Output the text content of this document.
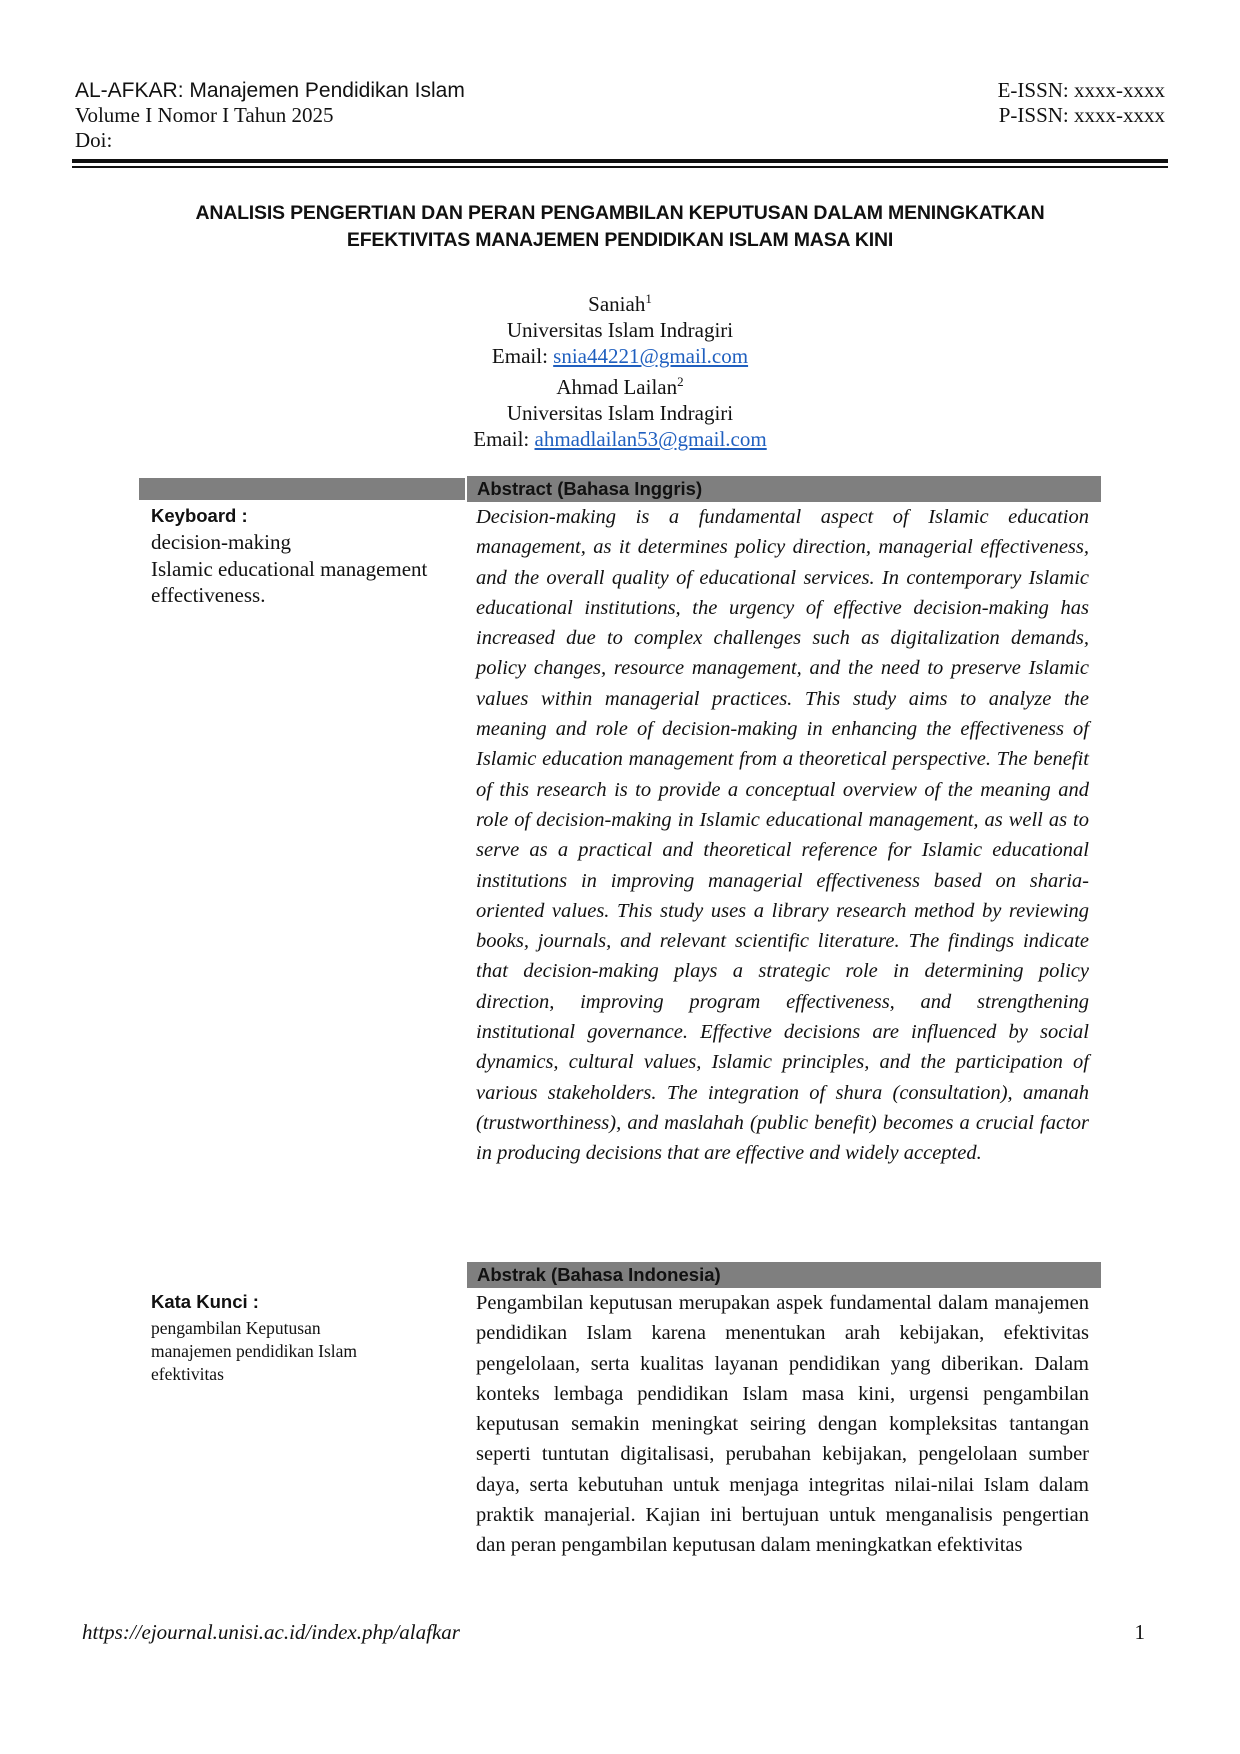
AL-AFKAR: Manajemen Pendidikan Islam
Volume I Nomor I Tahun 2025
Doi:
E-ISSN: xxxx-xxxx
P-ISSN: xxxx-xxxx
ANALISIS PENGERTIAN DAN PERAN PENGAMBILAN KEPUTUSAN DALAM MENINGKATKAN
EFEKTIVITAS MANAJEMEN PENDIDIKAN ISLAM MASA KINI
Saniah$^1$
Universitas Islam Indragiri
Email: snia44221@gmail.com
Ahmad Lailan$^2$
Universitas Islam Indragiri
Email: ahmadlailan53@gmail.com
Abstract (Bahasa Inggris)
Keyboard :
decision-making
Islamic educational management
effectiveness.

Decision-making is a fundamental aspect of Islamic education management, as it determines policy direction, managerial effectiveness, and the overall quality of educational services. In contemporary Islamic educational institutions, the urgency of effective decision-making has increased due to complex challenges such as digitalization demands, policy changes, resource management, and the need to preserve Islamic values within managerial practices. This study aims to analyze the meaning and role of decision-making in enhancing the effectiveness of Islamic education management from a theoretical perspective. The benefit of this research is to provide a conceptual overview of the meaning and role of decision-making in Islamic educational management, as well as to serve as a practical and theoretical reference for Islamic educational institutions in improving managerial effectiveness based on sharia-oriented values. This study uses a library research method by reviewing books, journals, and relevant scientific literature. The findings indicate that decision-making plays a strategic role in determining policy direction, improving program effectiveness, and strengthening institutional governance. Effective decisions are influenced by social dynamics, cultural values, Islamic principles, and the participation of various stakeholders. The integration of shura (consultation), amanah (trustworthiness), and maslahah (public benefit) becomes a crucial factor in producing decisions that are effective and widely accepted.

Abstrak (Bahasa Indonesia)
Kata Kunci :
pengambilan Keputusan
manajemen pendidikan Islam
efektivitas

Pengambilan keputusan merupakan aspek fundamental dalam manajemen pendidikan Islam karena menentukan arah kebijakan, efektivitas pengelolaan, serta kualitas layanan pendidikan yang diberikan. Dalam konteks lembaga pendidikan Islam masa kini, urgensi pengambilan keputusan semakin meningkat seiring dengan kompleksitas tantangan seperti tuntutan digitalisasi, perubahan kebijakan, pengelolaan sumber daya, serta kebutuhan untuk menjaga integritas nilai-nilai Islam dalam praktik manajerial. Kajian ini bertujuan untuk menganalisis pengertian dan peran pengambilan keputusan dalam meningkatkan efektivitas

https://ejournal.unisi.ac.id/index.php/alafkar	1
